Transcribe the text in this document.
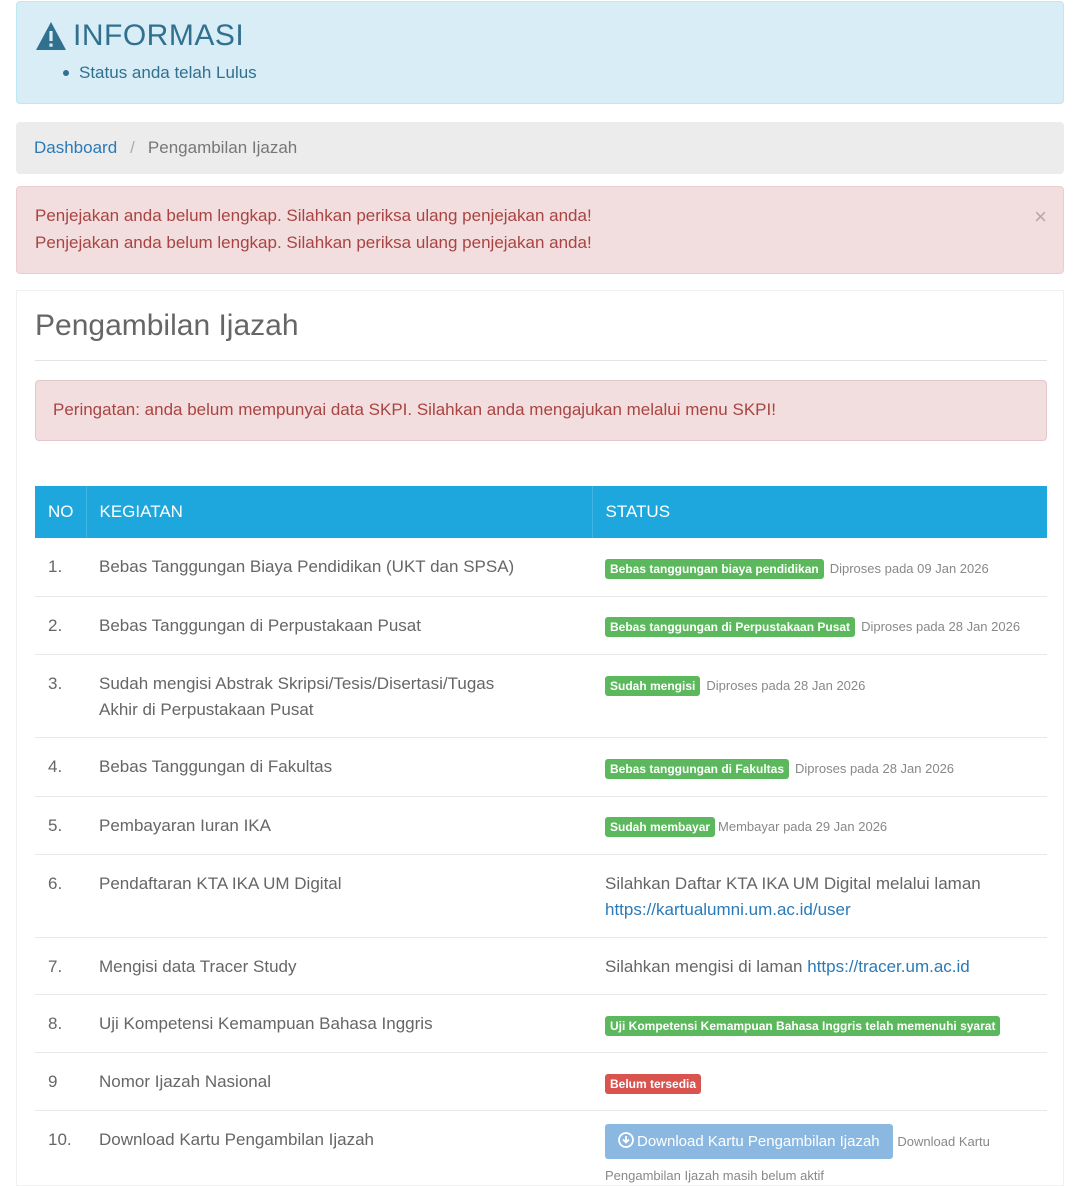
INFORMASI
Status anda telah Lulus
Dashboard / Pengambilan Ijazah
Penjejakan anda belum lengkap. Silahkan periksa ulang penjejakan anda!
Penjejakan anda belum lengkap. Silahkan periksa ulang penjejakan anda!
×
Pengambilan Ijazah
Peringatan: anda belum mempunyai data SKPI. Silahkan anda mengajukan melalui menu SKPI!
NO	KEGIATAN	STATUS
1.	Bebas Tanggungan Biaya Pendidikan (UKT dan SPSA)	Bebas tanggungan biaya pendidikan Diproses pada 09 Jan 2026
2.	Bebas Tanggungan di Perpustakaan Pusat	Bebas tanggungan di Perpustakaan Pusat Diproses pada 28 Jan 2026
3.	Sudah mengisi Abstrak Skripsi/Tesis/Disertasi/Tugas Akhir di Perpustakaan Pusat	Sudah mengisi Diproses pada 28 Jan 2026
4.	Bebas Tanggungan di Fakultas	Bebas tanggungan di Fakultas Diproses pada 28 Jan 2026
5.	Pembayaran Iuran IKA	Sudah membayar Membayar pada 29 Jan 2026
6.	Pendaftaran KTA IKA UM Digital	Silahkan Daftar KTA IKA UM Digital melalui laman
https://kartualumni.um.ac.id/user
7.	Mengisi data Tracer Study	Silahkan mengisi di laman https://tracer.um.ac.id
8.	Uji Kompetensi Kemampuan Bahasa Inggris	Uji Kompetensi Kemampuan Bahasa Inggris telah memenuhi syarat
9	Nomor Ijazah Nasional	Belum tersedia
10.	Download Kartu Pengambilan Ijazah	Download Kartu Pengambilan Ijazah Download Kartu Pengambilan Ijazah masih belum aktif
